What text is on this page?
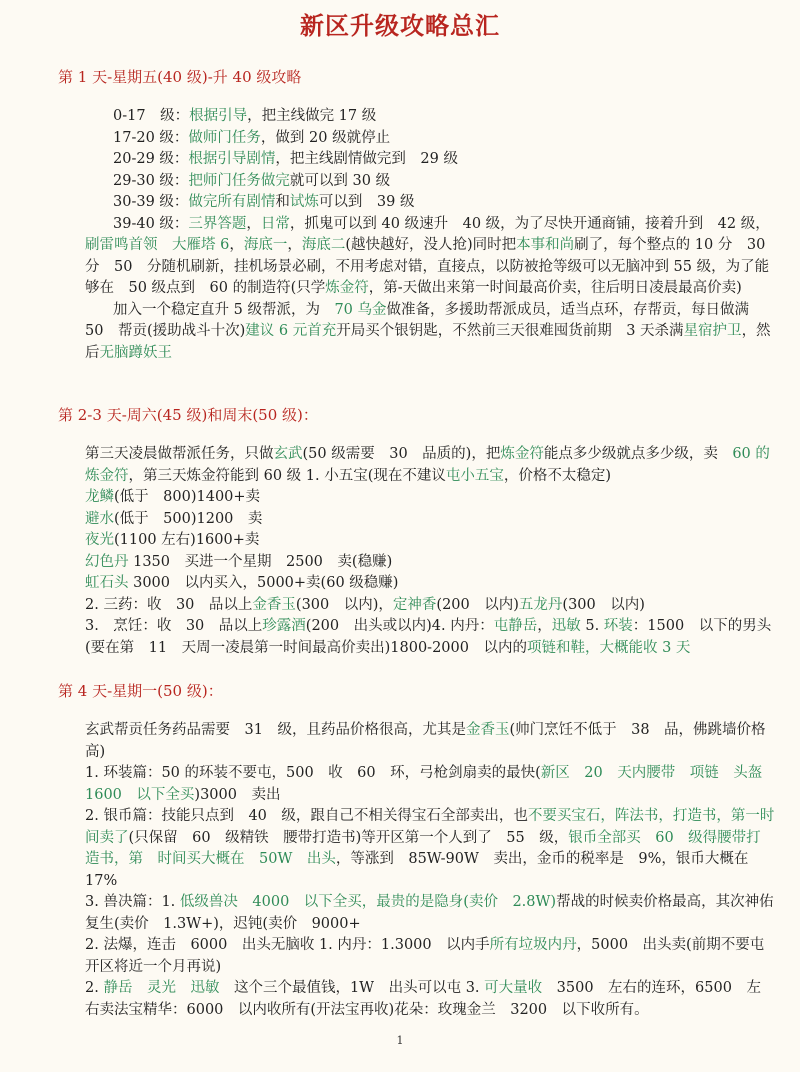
新区升级攻略总汇
第 1 天-星期五(40 级)-升 40 级攻略

0-17　级：根据引导，把主线做完 17 级

17-20 级：做师门任务，做到 20 级就停止

20-29 级：根据引导剧情，把主线剧情做完到　29 级

29-30 级：把师门任务做完就可以到 30 级

30-39 级：做完所有剧情和试炼可以到　39 级

39-40 级：三界答题，日常，抓鬼可以到 40 级速升　40 级，为了尽快开通商铺，接着升到　42 级，刷雷鸣首领　大雁塔 6，海底一，海底二(越快越好，没人抢)同时把本事和尚刷了，每个整点的 10 分　30 分　50　分随机刷新，挂机场景必刷，不用考虑对错，直接点，以防被抢等级可以无脑冲到 55 级，为了能够在　50 级点到　60 的制造符(只学炼金符，第-天做出来第一时间最高价卖，往后明日凌晨最高价卖)

加入一个稳定直升 5 级帮派，为　70 乌金做准备，多援助帮派成员，适当点环，存帮贡，每日做满　50　帮贡(援助战斗十次)建议 6 元首充开局买个银钥匙，不然前三天很难囤货前期　3 天杀满星宿护卫，然后无脑蹲妖王

第 2-3 天-周六(45 级)和周末(50 级)：

第三天凌晨做帮派任务，只做玄武(50 级需要　30　品质的)，把炼金符能点多少级就点多少级，卖　60 的炼金符，第三天炼金符能到 60 级 1. 小五宝(现在不建议屯小五宝，价格不太稳定)

龙鳞(低于　800)1400+卖

避水(低于　500)1200　卖

夜光(1100 左右)1600+卖

幻色丹 1350　买进一个星期　2500　卖(稳赚)

虹石头 3000　以内买入，5000+卖(60 级稳赚)

2. 三药：收　30　品以上金香玉(300　以内)，定神香(200　以内)五龙丹(300　以内)

3.　烹饪：收　30　品以上珍露酒(200　出头或以内)4. 内丹：屯静岳，迅敏 5. 环装：1500　以下的男头(要在第　11　天周一凌晨第一时间最高价卖出)1800-2000　以内的项链和鞋，大概能收 3 天

第 4 天-星期一(50 级)：

玄武帮贡任务药品需要　31　级，且药品价格很高，尤其是金香玉(帅门烹饪不低于　38　品，佛跳墙价格高)

1. 环装篇：50 的环装不要屯，500　收　60　环，弓枪剑扇卖的最快(新区　20　天内腰带　项链　头盔　1600　以下全买)3000　卖出

2. 银币篇：技能只点到　40　级，跟自己不相关得宝石全部卖出，也不要买宝石，阵法书，打造书，第一时间卖了(只保留　60　级精铁　腰带打造书)等开区第一个人到了　55　级，银币全部买　60　级得腰带打造书，第　时间买大概在　50W　出头，等涨到　85W-90W　卖出，金币的税率是　9%，银币大概在　17%

3. 兽决篇：1. 低级兽决　4000　以下全买，最贵的是隐身(卖价　2.8W)帮战的时候卖价格最高，其次神佑复生(卖价　1.3W+)，迟钝(卖价　9000+

2. 法爆，连击　6000　出头无脑收 1. 内丹：1.3000　以内手所有垃圾内丹，5000　出头卖(前期不要屯开区将近一个月再说)

2. 静岳　灵光　迅敏　这个三个最值钱，1W　出头可以屯 3. 可大量收　3500　左右的连环，6500　左右卖法宝精华：6000　以内收所有(开法宝再收)花朵：玫瑰金兰　3200　以下收所有。

1
